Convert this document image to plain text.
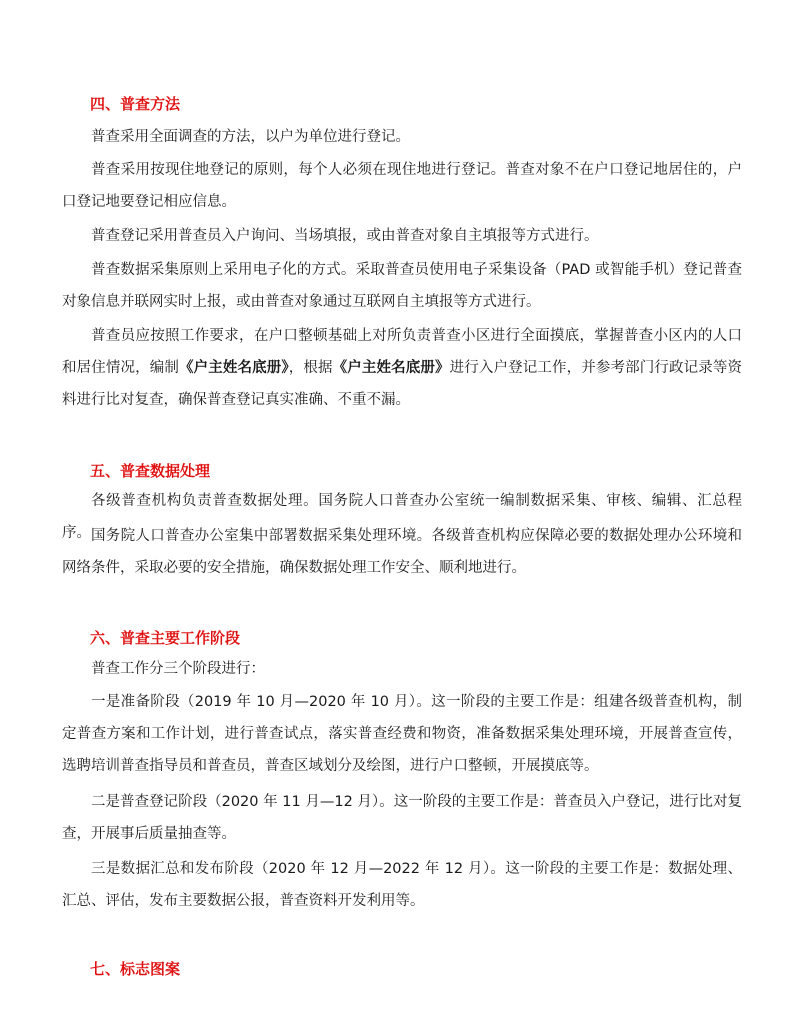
四、普查方法

普查采用全面调查的方法，以户为单位进行登记。

普查采用按现住地登记的原则，每个人必须在现住地进行登记。普查对象不在户口登记地居住的，户口登记地要登记相应信息。

普查登记采用普查员入户询问、当场填报，或由普查对象自主填报等方式进行。

普查数据采集原则上采用电子化的方式。采取普查员使用电子采集设备（PAD 或智能手机）登记普查对象信息并联网实时上报，或由普查对象通过互联网自主填报等方式进行。

普查员应按照工作要求，在户口整顿基础上对所负责普查小区进行全面摸底，掌握普查小区内的人口和居住情况，编制《户主姓名底册》，根据《户主姓名底册》进行入户登记工作，并参考部门行政记录等资料进行比对复查，确保普查登记真实准确、不重不漏。

五、普查数据处理

各级普查机构负责普查数据处理。国务院人口普查办公室统一编制数据采集、审核、编辑、汇总程序。 国务院人口普查办公室集中部署数据采集处理环境。各级普查机构应保障必要的数据处理办公环境和网络条件，采取必要的安全措施，确保数据处理工作安全、顺利地进行。

六、普查主要工作阶段

普查工作分三个阶段进行：

一是准备阶段（2019 年 10 月—2020 年 10 月）。这一阶段的主要工作是：组建各级普查机构，制定普查方案和工作计划，进行普查试点，落实普查经费和物资，准备数据采集处理环境，开展普查宣传，选聘培训普查指导员和普查员，普查区域划分及绘图，进行户口整顿，开展摸底等。

二是普查登记阶段（2020 年 11 月—12 月）。这一阶段的主要工作是：普查员入户登记，进行比对复查，开展事后质量抽查等。

三是数据汇总和发布阶段（2020 年 12 月—2022 年 12 月）。这一阶段的主要工作是：数据处理、汇总、评估，发布主要数据公报，普查资料开发利用等。

七、标志图案
